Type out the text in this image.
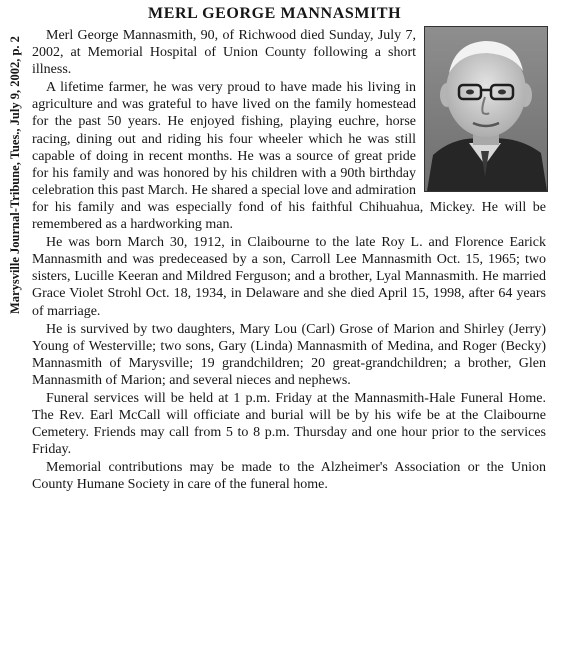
Marysville Journal-Tribune, Tues., July 9, 2002, p. 2
MERL GEORGE MANNASMITH

Merl George Mannasmith, 90, of Richwood died Sunday, July 7, 2002, at Memorial Hospital of Union County following a short illness.

A lifetime farmer, he was very proud to have made his living in agriculture and was grateful to have lived on the family homestead for the past 50 years. He enjoyed fishing, playing euchre, horse racing, dining out and riding his four wheeler which he was still capable of doing in recent months. He was a source of great pride for his family and was honored by his children with a 90th birthday celebration this past March. He shared a special love and admiration for his family and was especially fond of his faithful Chihuahua, Mickey. He will be remembered as a hardworking man.

He was born March 30, 1912, in Claibourne to the late Roy L. and Florence Earick Mannasmith and was predeceased by a son, Carroll Lee Mannasmith Oct. 15, 1965; two sisters, Lucille Keeran and Mildred Ferguson; and a brother, Lyal Mannasmith. He married Grace Violet Strohl Oct. 18, 1934, in Delaware and she died April 15, 1998, after 64 years of marriage.

He is survived by two daughters, Mary Lou (Carl) Grose of Marion and Shirley (Jerry) Young of Westerville; two sons, Gary (Linda) Mannasmith of Medina, and Roger (Becky) Mannasmith of Marysville; 19 grandchildren; 20 great-grandchildren; a brother, Glen Mannasmith of Marion; and several nieces and nephews.

Funeral services will be held at 1 p.m. Friday at the Mannasmith-Hale Funeral Home. The Rev. Earl McCall will officiate and burial will be by his wife be at the Claibourne Cemetery. Friends may call from 5 to 8 p.m. Thursday and one hour prior to the services Friday.

Memorial contributions may be made to the Alzheimer's Association or the Union County Humane Society in care of the funeral home.
